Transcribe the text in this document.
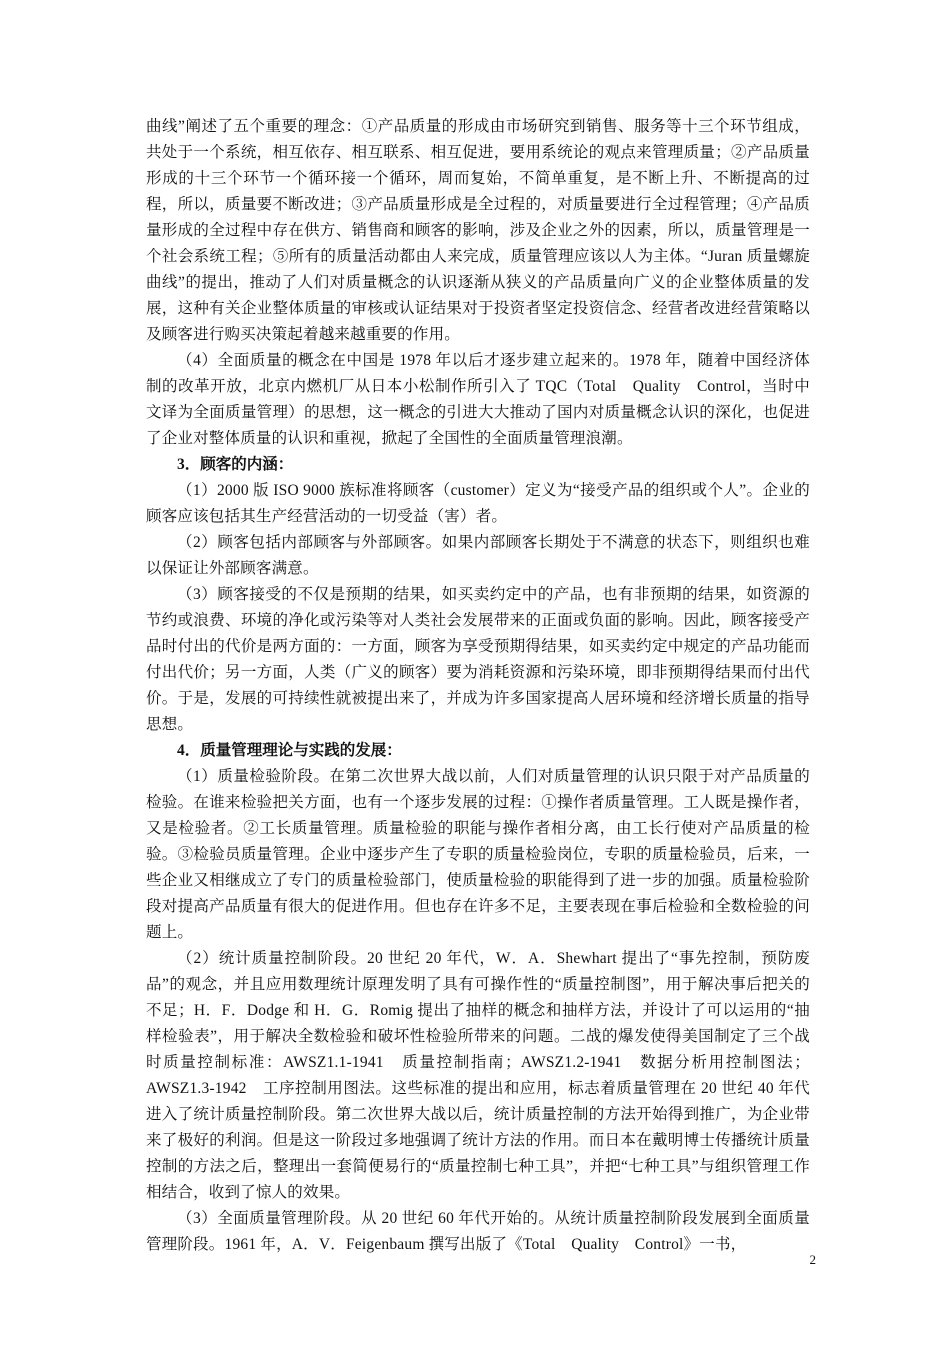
曲线”阐述了五个重要的理念：①产品质量的形成由市场研究到销售、服务等十三个环节组成，共处于一个系统，相互依存、相互联系、相互促进，要用系统论的观点来管理质量；②产品质量形成的十三个环节一个循环接一个循环，周而复始，不简单重复，是不断上升、不断提高的过程，所以，质量要不断改进；③产品质量形成是全过程的，对质量要进行全过程管理；④产品质量形成的全过程中存在供方、销售商和顾客的影响，涉及企业之外的因素，所以，质量管理是一个社会系统工程；⑤所有的质量活动都由人来完成，质量管理应该以人为主体。“Juran 质量螺旋曲线”的提出，推动了人们对质量概念的认识逐渐从狭义的产品质量向广义的企业整体质量的发展，这种有关企业整体质量的审核或认证结果对于投资者坚定投资信念、经营者改进经营策略以及顾客进行购买决策起着越来越重要的作用。

（4）全面质量的概念在中国是 1978 年以后才逐步建立起来的。1978 年，随着中国经济体制的改革开放，北京内燃机厂从日本小松制作所引入了 TQC（Total　Quality　Control，当时中文译为全面质量管理）的思想，这一概念的引进大大推动了国内对质量概念认识的深化，也促进了企业对整体质量的认识和重视，掀起了全国性的全面质量管理浪潮。

3．顾客的内涵：

（1）2000 版 ISO 9000 族标准将顾客（customer）定义为“接受产品的组织或个人”。企业的顾客应该包括其生产经营活动的一切受益（害）者。

（2）顾客包括内部顾客与外部顾客。如果内部顾客长期处于不满意的状态下，则组织也难以保证让外部顾客满意。

（3）顾客接受的不仅是预期的结果，如买卖约定中的产品，也有非预期的结果，如资源的节约或浪费、环境的净化或污染等对人类社会发展带来的正面或负面的影响。因此，顾客接受产品时付出的代价是两方面的：一方面，顾客为享受预期得结果，如买卖约定中规定的产品功能而付出代价；另一方面，人类（广义的顾客）要为消耗资源和污染环境，即非预期得结果而付出代价。于是，发展的可持续性就被提出来了，并成为许多国家提高人居环境和经济增长质量的指导思想。

4．质量管理理论与实践的发展：

（1）质量检验阶段。在第二次世界大战以前，人们对质量管理的认识只限于对产品质量的检验。在谁来检验把关方面，也有一个逐步发展的过程：①操作者质量管理。工人既是操作者，又是检验者。②工长质量管理。质量检验的职能与操作者相分离，由工长行使对产品质量的检验。③检验员质量管理。企业中逐步产生了专职的质量检验岗位，专职的质量检验员，后来，一些企业又相继成立了专门的质量检验部门，使质量检验的职能得到了进一步的加强。质量检验阶段对提高产品质量有很大的促进作用。但也存在许多不足，主要表现在事后检验和全数检验的问题上。

（2）统计质量控制阶段。20 世纪 20 年代，W．A．Shewhart 提出了“事先控制，预防废品”的观念，并且应用数理统计原理发明了具有可操作性的“质量控制图”，用于解决事后把关的不足；H．F．Dodge 和 H．G．Romig 提出了抽样的概念和抽样方法，并设计了可以运用的“抽样检验表”，用于解决全数检验和破坏性检验所带来的问题。二战的爆发使得美国制定了三个战时质量控制标准：AWSZ1.1-1941　质量控制指南；AWSZ1.2-1941　数据分析用控制图法；AWSZ1.3-1942　工序控制用图法。这些标准的提出和应用，标志着质量管理在 20 世纪 40 年代进入了统计质量控制阶段。第二次世界大战以后，统计质量控制的方法开始得到推广，为企业带来了极好的利润。但是这一阶段过多地强调了统计方法的作用。而日本在戴明博士传播统计质量控制的方法之后，整理出一套简便易行的“质量控制七种工具”，并把“七种工具”与组织管理工作相结合，收到了惊人的效果。

（3）全面质量管理阶段。从 20 世纪 60 年代开始的。从统计质量控制阶段发展到全面质量管理阶段。1961 年，A．V．Feigenbaum 撰写出版了《Total　Quality　Control》一书，

2
